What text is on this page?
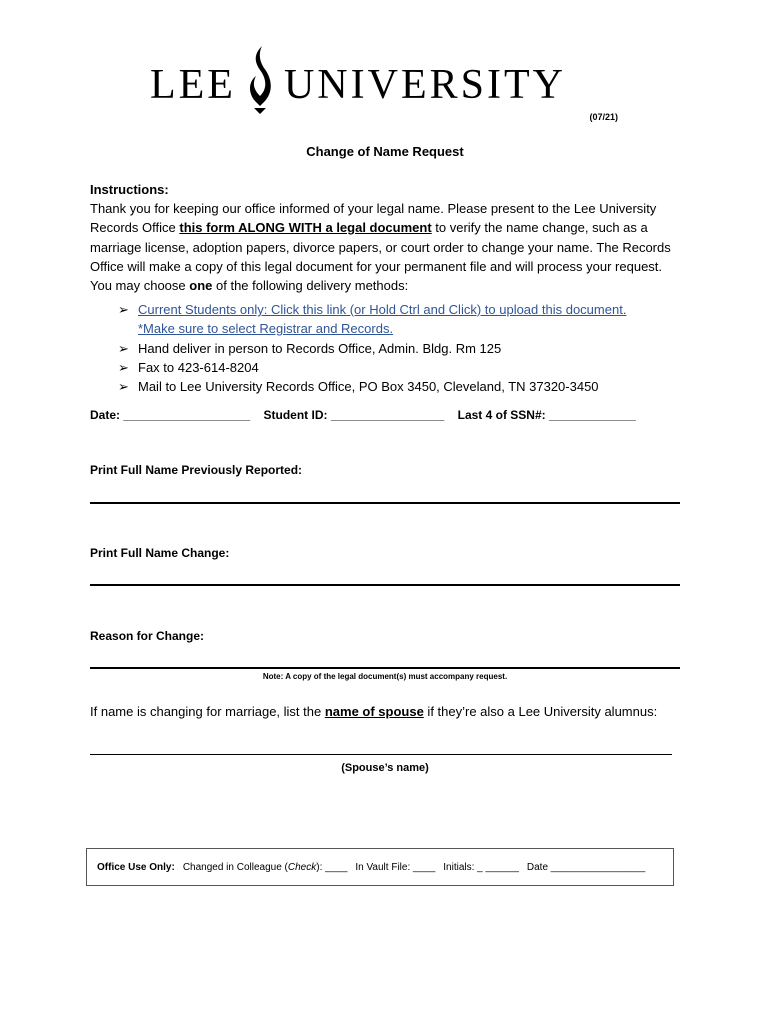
LEE UNIVERSITY
(07/21)
Change of Name Request
Instructions:
Thank you for keeping our office informed of your legal name. Please present to the Lee University Records Office this form ALONG WITH a legal document to verify the name change, such as a marriage license, adoption papers, divorce papers, or court order to change your name. The Records Office will make a copy of this legal document for your permanent file and will process your request. You may choose one of the following delivery methods:
➢ Current Students only: Click this link (or Hold Ctrl and Click) to upload this document.
*Make sure to select Registrar and Records.
➢ Hand deliver in person to Records Office, Admin. Bldg. Rm 125
➢ Fax to 423-614-8204
➢ Mail to Lee University Records Office, PO Box 3450, Cleveland, TN 37320-3450
Date: ___________________ Student ID: _________________ Last 4 of SSN#: _____________
Print Full Name Previously Reported:
Print Full Name Change:
Reason for Change:
Note: A copy of the legal document(s) must accompany request.
If name is changing for marriage, list the name of spouse if they’re also a Lee University alumnus:
(Spouse’s name)
Office Use Only: Changed in Colleague ( Check ): ____ In Vault File: ____ Initials: _ ______ Date _________________
